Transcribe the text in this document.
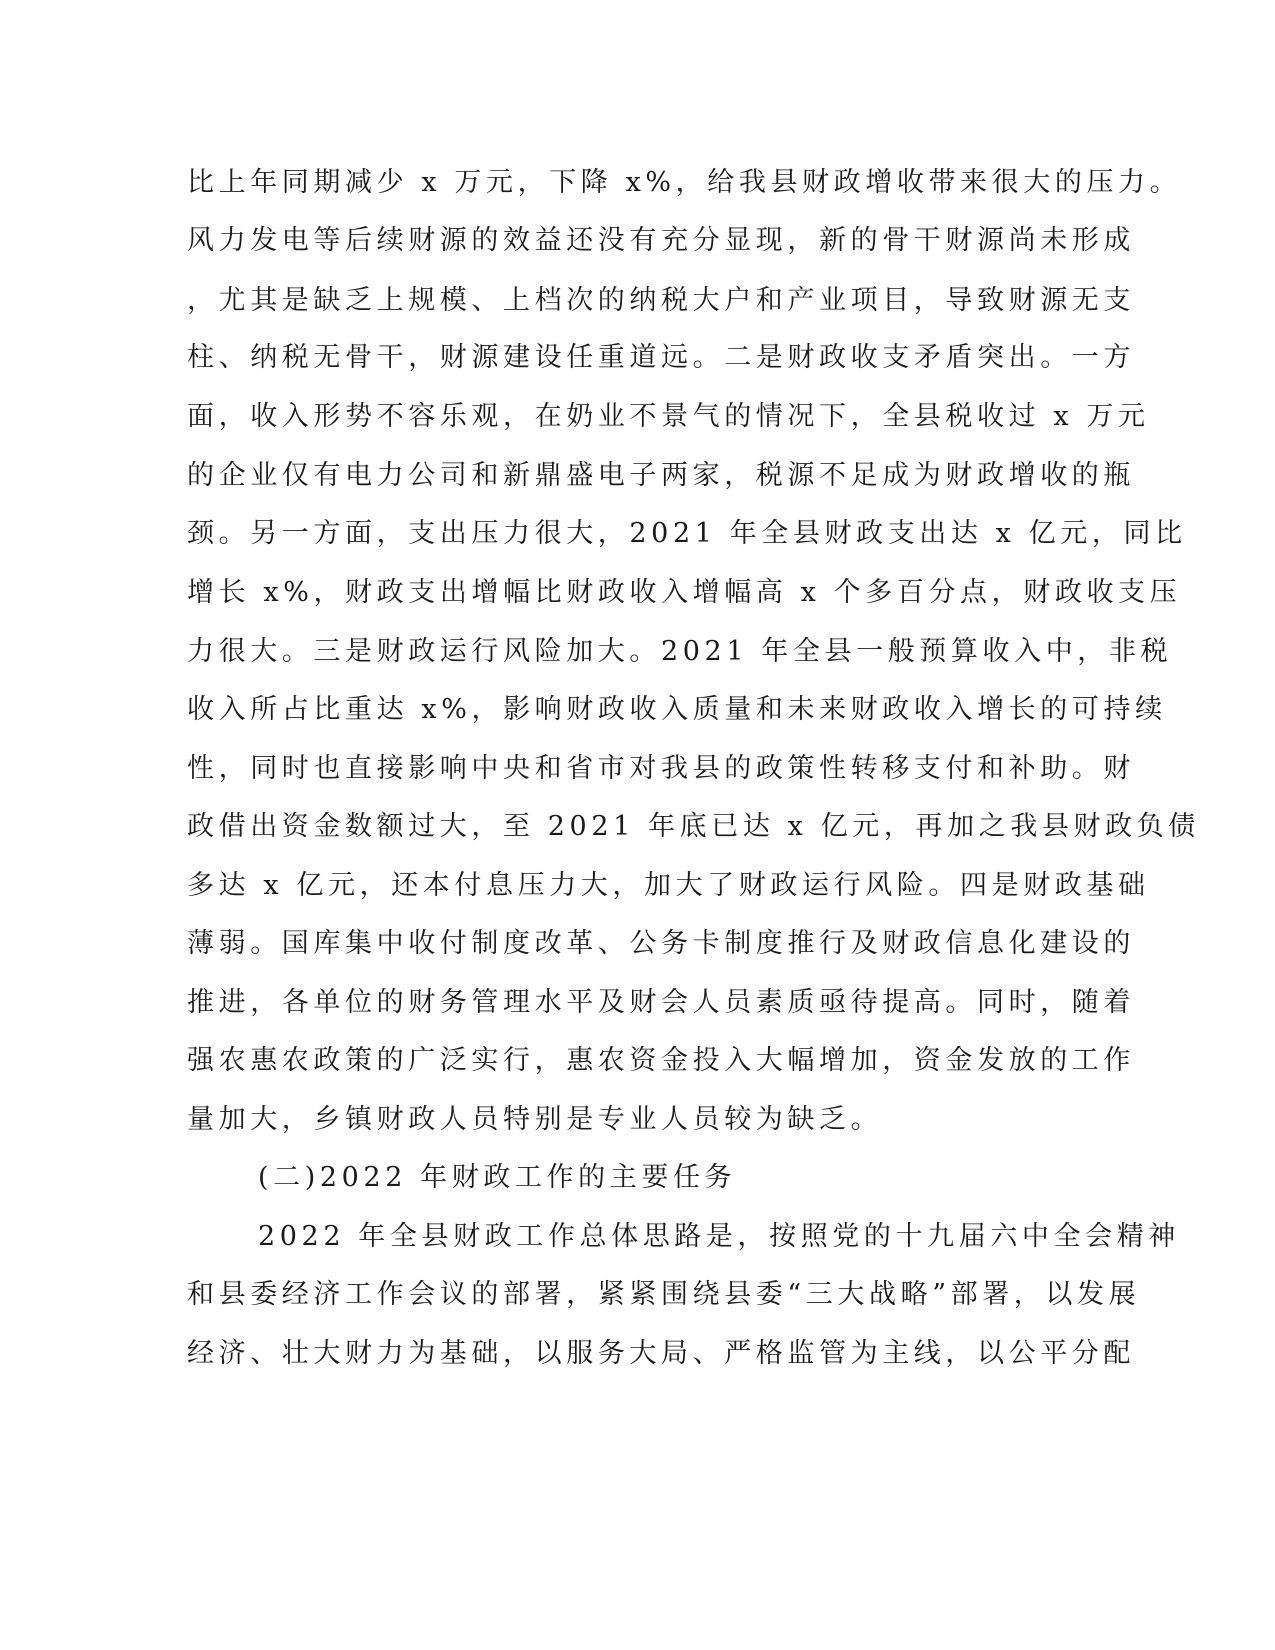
比上年同期减少 x 万元，下降 x%，给我县财政增收带来很大的压力。
风力发电等后续财源的效益还没有充分显现，新的骨干财源尚未形成
，尤其是缺乏上规模、上档次的纳税大户和产业项目，导致财源无支
柱、纳税无骨干，财源建设任重道远。二是财政收支矛盾突出。一方
面，收入形势不容乐观，在奶业不景气的情况下，全县税收过 x 万元
的企业仅有电力公司和新鼎盛电子两家，税源不足成为财政增收的瓶
颈。另一方面，支出压力很大，2021 年全县财政支出达 x 亿元，同比
增长 x%，财政支出增幅比财政收入增幅高 x 个多百分点，财政收支压
力很大。三是财政运行风险加大。2021 年全县一般预算收入中，非税
收入所占比重达 x%，影响财政收入质量和未来财政收入增长的可持续
性，同时也直接影响中央和省市对我县的政策性转移支付和补助。财
政借出资金数额过大，至 2021 年底已达 x 亿元，再加之我县财政负债
多达 x 亿元，还本付息压力大，加大了财政运行风险。四是财政基础
薄弱。国库集中收付制度改革、公务卡制度推行及财政信息化建设的
推进，各单位的财务管理水平及财会人员素质亟待提高。同时，随着
强农惠农政策的广泛实行，惠农资金投入大幅增加，资金发放的工作
量加大，乡镇财政人员特别是专业人员较为缺乏。
(二)2022 年财政工作的主要任务
2022 年全县财政工作总体思路是，按照党的十九届六中全会精神
和县委经济工作会议的部署，紧紧围绕县委“三大战略”部署，以发展
经济、壮大财力为基础，以服务大局、严格监管为主线，以公平分配
